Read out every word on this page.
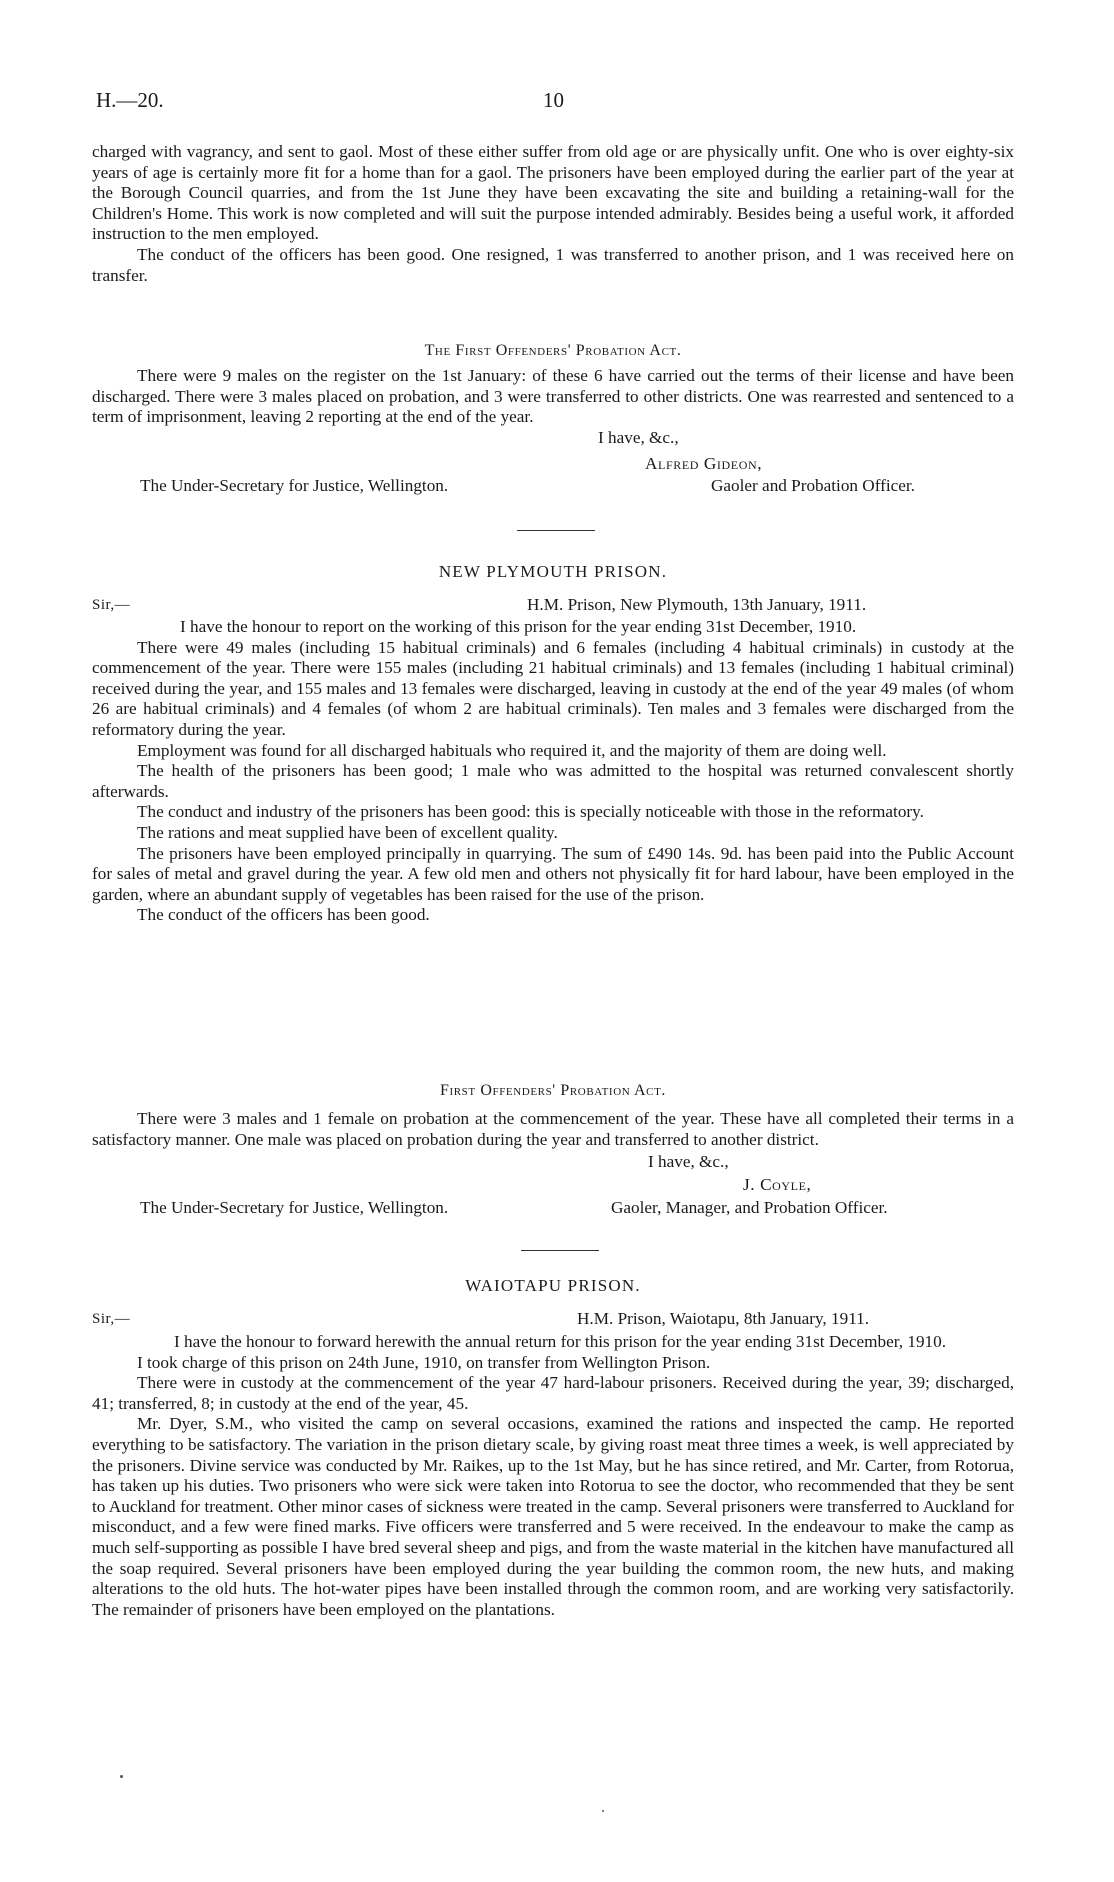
H.—20.	10

charged with vagrancy, and sent to gaol. Most of these either suffer from old age or are physically unfit. One who is over eighty-six years of age is certainly more fit for a home than for a gaol. The prisoners have been employed during the earlier part of the year at the Borough Council quarries, and from the 1st June they have been excavating the site and building a retaining-wall for the Children's Home. This work is now completed and will suit the purpose intended admirably. Besides being a useful work, it afforded instruction to the men employed.

The conduct of the officers has been good. One resigned, 1 was transferred to another prison, and 1 was received here on transfer.

The First Offenders' Probation Act.

There were 9 males on the register on the 1st January: of these 6 have carried out the terms of their license and have been discharged. There were 3 males placed on probation, and 3 were transferred to other districts. One was rearrested and sentenced to a term of imprisonment, leaving 2 reporting at the end of the year.

I have, &c.,
Alfred Gideon,
The Under-Secretary for Justice, Wellington.	Gaoler and Probation Officer.
NEW PLYMOUTH PRISON.
Sir,—	H.M. Prison, New Plymouth, 13th January, 1911.

I have the honour to report on the working of this prison for the year ending 31st December, 1910.

There were 49 males (including 15 habitual criminals) and 6 females (including 4 habitual criminals) in custody at the commencement of the year. There were 155 males (including 21 habitual criminals) and 13 females (including 1 habitual criminal) received during the year, and 155 males and 13 females were discharged, leaving in custody at the end of the year 49 males (of whom 26 are habitual criminals) and 4 females (of whom 2 are habitual criminals). Ten males and 3 females were discharged from the reformatory during the year.

Employment was found for all discharged habituals who required it, and the majority of them are doing well.

The health of the prisoners has been good; 1 male who was admitted to the hospital was returned convalescent shortly afterwards.

The conduct and industry of the prisoners has been good: this is specially noticeable with those in the reformatory.

The rations and meat supplied have been of excellent quality.

The prisoners have been employed principally in quarrying. The sum of £490 14s. 9d. has been paid into the Public Account for sales of metal and gravel during the year. A few old men and others not physically fit for hard labour, have been employed in the garden, where an abundant supply of vegetables has been raised for the use of the prison.

The conduct of the officers has been good.

First Offenders' Probation Act.

There were 3 males and 1 female on probation at the commencement of the year. These have all completed their terms in a satisfactory manner. One male was placed on probation during the year and transferred to another district.

I have, &c.,
J. Coyle,
The Under-Secretary for Justice, Wellington.	Gaoler, Manager, and Probation Officer.
WAIOTAPU PRISON.
Sir,—	H.M. Prison, Waiotapu, 8th January, 1911.

I have the honour to forward herewith the annual return for this prison for the year ending 31st December, 1910.

I took charge of this prison on 24th June, 1910, on transfer from Wellington Prison.

There were in custody at the commencement of the year 47 hard-labour prisoners. Received during the year, 39; discharged, 41; transferred, 8; in custody at the end of the year, 45.

Mr. Dyer, S.M., who visited the camp on several occasions, examined the rations and inspected the camp. He reported everything to be satisfactory. The variation in the prison dietary scale, by giving roast meat three times a week, is well appreciated by the prisoners. Divine service was conducted by Mr. Raikes, up to the 1st May, but he has since retired, and Mr. Carter, from Rotorua, has taken up his duties. Two prisoners who were sick were taken into Rotorua to see the doctor, who recommended that they be sent to Auckland for treatment. Other minor cases of sickness were treated in the camp. Several prisoners were transferred to Auckland for misconduct, and a few were fined marks. Five officers were transferred and 5 were received. In the endeavour to make the camp as much self-supporting as possible I have bred several sheep and pigs, and from the waste material in the kitchen have manufactured all the soap required. Several prisoners have been employed during the year building the common room, the new huts, and making alterations to the old huts. The hot-water pipes have been installed through the common room, and are working very satisfactorily. The remainder of prisoners have been employed on the plantations.
